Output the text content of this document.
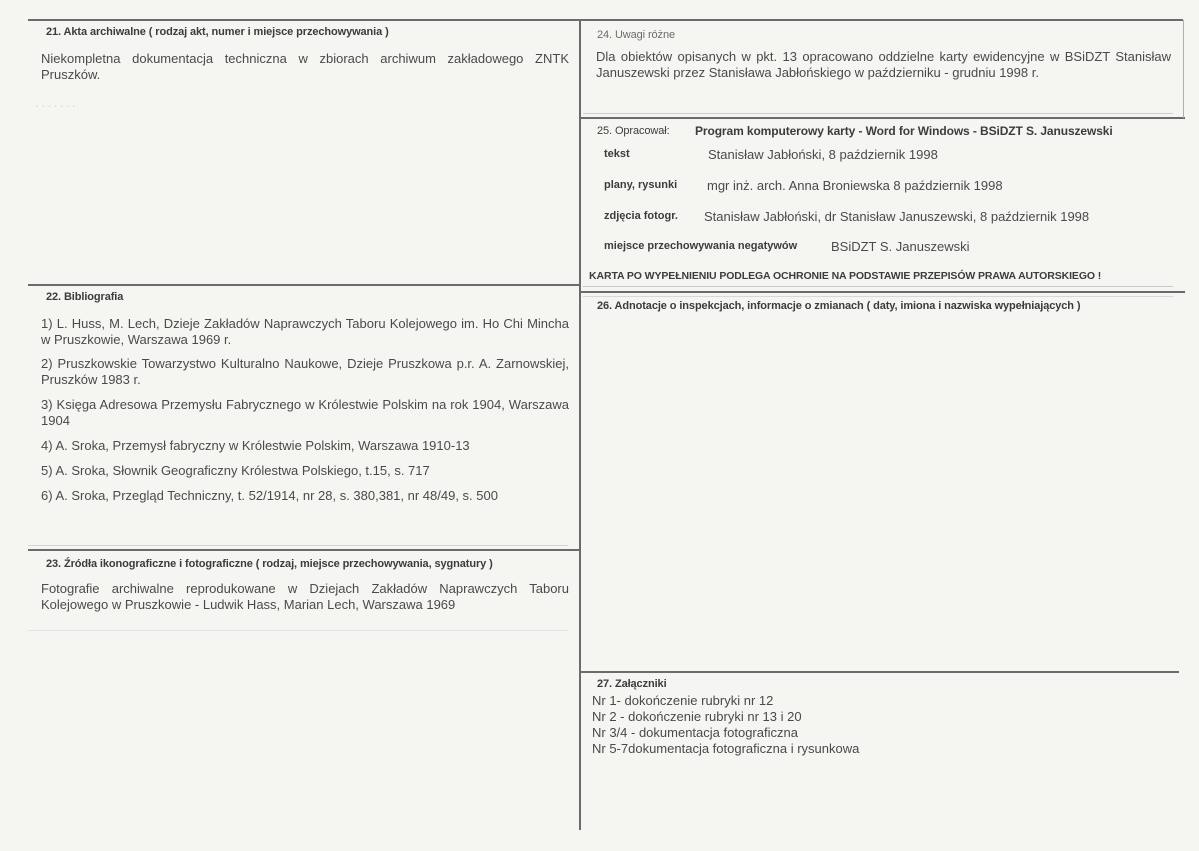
21. Akta archiwalne ( rodzaj akt, numer i miejsce przechowywania )
Niekompletna dokumentacja techniczna w zbiorach archiwum zakładowego ZNTK Pruszków.
. . . . . . .
22. Bibliografia
1) L. Huss, M. Lech, Dzieje Zakładów Naprawczych Taboru Kolejowego im. Ho Chi Mincha w Pruszkowie, Warszawa 1969 r.
2) Pruszkowskie Towarzystwo Kulturalno Naukowe, Dzieje Pruszkowa p.r. A. Zarnowskiej, Pruszków 1983 r.
3) Księga Adresowa Przemysłu Fabrycznego w Królestwie Polskim na rok 1904, Warszawa 1904
4) A. Sroka, Przemysł fabryczny w Królestwie Polskim, Warszawa 1910-13
5) A. Sroka, Słownik Geograficzny Królestwa Polskiego, t.15, s. 717
6) A. Sroka, Przegląd Techniczny, t. 52/1914, nr 28, s. 380,381, nr 48/49, s. 500
23. Źródła ikonograficzne i fotograficzne ( rodzaj, miejsce przechowywania, sygnatury )
Fotografie archiwalne reprodukowane w Dziejach Zakładów Naprawczych Taboru Kolejowego w Pruszkowie - Ludwik Hass, Marian Lech, Warszawa 1969
24. Uwagi różne
Dla obiektów opisanych w pkt. 13 opracowano oddzielne karty ewidencyjne w BSiDZT Stanisław Januszewski przez Stanisława Jabłońskiego w październiku - grudniu 1998 r.
25. Opracował: Program komputerowy karty - Word for Windows - BSiDZT S. Januszewski
tekst	Stanisław Jabłoński, 8 październik 1998
plany, rysunki mgr inż. arch. Anna Broniewska 8 październik 1998
zdjęcia fotogr. Stanisław Jabłoński, dr Stanisław Januszewski, 8 październik 1998
miejsce przechowywania negatywów	BSiDZT S. Januszewski
KARTA PO WYPEŁNIENIU PODLEGA OCHRONIE NA PODSTAWIE PRZEPISÓW PRAWA AUTORSKIEGO !
26. Adnotacje o inspekcjach, informacje o zmianach ( daty, imiona i nazwiska wypełniających )
27. Załączniki
Nr 1- dokończenie rubryki nr 12
Nr 2 - dokończenie rubryki nr 13 i 20
Nr 3/4 - dokumentacja fotograficzna
Nr 5-7dokumentacja fotograficzna i rysunkowa
